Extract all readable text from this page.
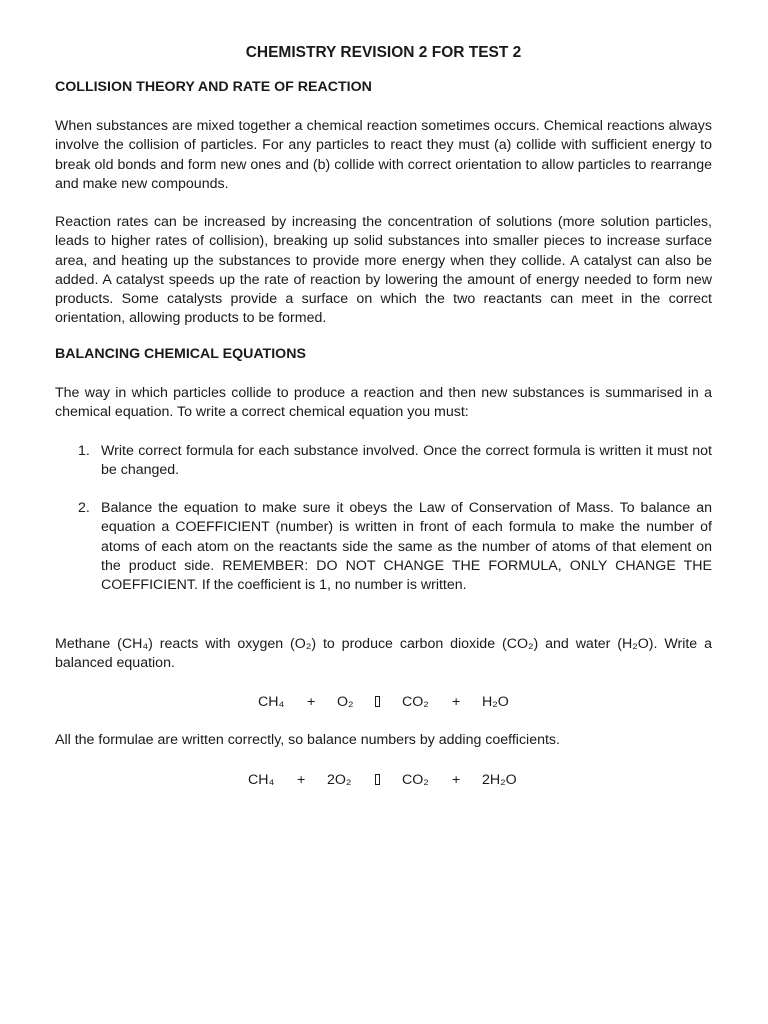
CHEMISTRY REVISION 2 FOR TEST 2
COLLISION THEORY AND RATE OF REACTION

When substances are mixed together a chemical reaction sometimes occurs. Chemical reactions always involve the collision of particles. For any particles to react they must (a) collide with sufficient energy to break old bonds and form new ones and (b) collide with correct orientation to allow particles to rearrange and make new compounds.

Reaction rates can be increased by increasing the concentration of solutions (more solution particles, leads to higher rates of collision), breaking up solid substances into smaller pieces to increase surface area, and heating up the substances to provide more energy when they collide. A catalyst can also be added. A catalyst speeds up the rate of reaction by lowering the amount of energy needed to form new products. Some catalysts provide a surface on which the two reactants can meet in the correct orientation, allowing products to be formed.

BALANCING CHEMICAL EQUATIONS

The way in which particles collide to produce a reaction and then new substances is summarised in a chemical equation. To write a correct chemical equation you must:

1. Write correct formula for each substance involved. Once the correct formula is written it must not be changed.

2. Balance the equation to make sure it obeys the Law of Conservation of Mass. To balance an equation a COEFFICIENT (number) is written in front of each formula to make the number of atoms of each atom on the reactants side the same as the number of atoms of that element on the product side. REMEMBER: DO NOT CHANGE THE FORMULA, ONLY CHANGE THE COEFFICIENT. If the coefficient is 1, no number is written.

Methane (CH₄) reacts with oxygen (O₂) to produce carbon dioxide (CO₂) and water (H₂O). Write a balanced equation.

CH₄ + O₂	CO₂ + H₂O

All the formulae are written correctly, so balance numbers by adding coefficients.

CH₄ + 2O₂	CO₂ + 2H₂O
